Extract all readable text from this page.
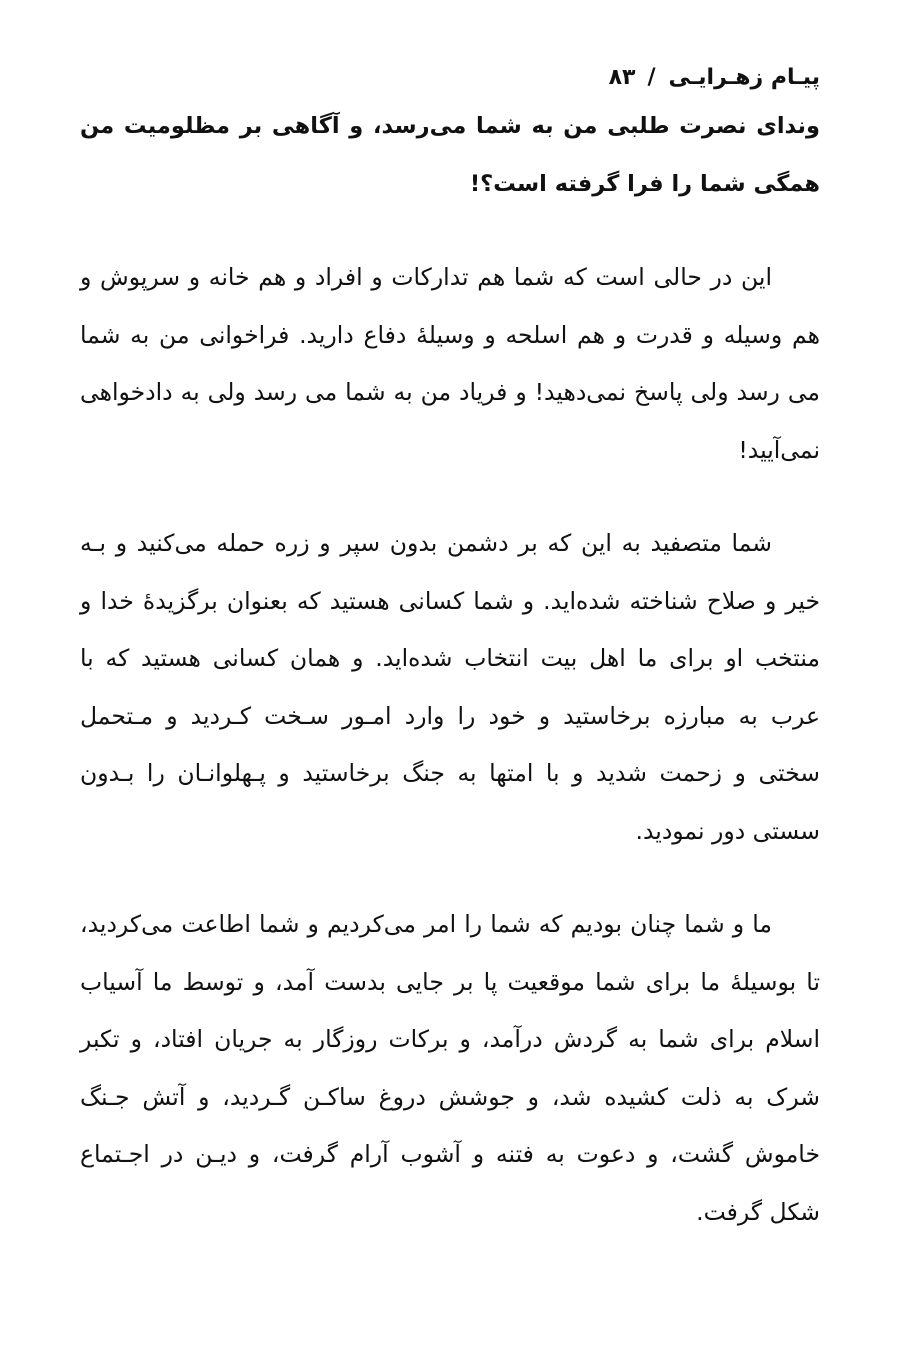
۸۳ / پیـام زهـرایـی

وندای نصرت طلبی من به شما می‌رسد، و آگاهی بر مظلومیت من همگی شما را فرا گرفته است؟!

این در حالی است که شما هم تدارکات و افراد و هم خانه و سرپوش و هم وسیله و قدرت و هم اسلحه و وسیلهٔ دفاع دارید. فراخوانی من به شما می رسد ولی پاسخ نمی‌دهید! و فریاد من به شما می رسد ولی به دادخواهی نمی‌آیید!

شما متصفید به این که بر دشمن بدون سپر و زره حمله می‌کنید و بـه خیر و صلاح شناخته شده‌اید. و شما کسانی هستید که بعنوان برگزیدهٔ خدا و منتخب او برای ما اهل بیت انتخاب شده‌اید. و همان کسانی هستید که با عرب به مبارزه برخاستید و خود را وارد امـور سـخت کـردید و مـتحمل سختی و زحمت شدید و با امتها به جنگ برخاستید و پـهلوانـان را بـدون سستی دور نمودید.

ما و شما چنان بودیم که شما را امر می‌کردیم و شما اطاعت می‌کردید، تا بوسیلهٔ ما برای شما موقعیت پا بر جایی بدست آمد، و توسط ما آسیاب اسلام برای شما به گردش درآمد، و برکات روزگار به جریان افتاد، و تکبر شرک به ذلت کشیده شد، و جوشش دروغ ساکـن گـردید، و آتش جـنگ خاموش گشت، و دعوت به فتنه و آشوب آرام گرفت، و دیـن در اجـتماع شکل گرفت.
